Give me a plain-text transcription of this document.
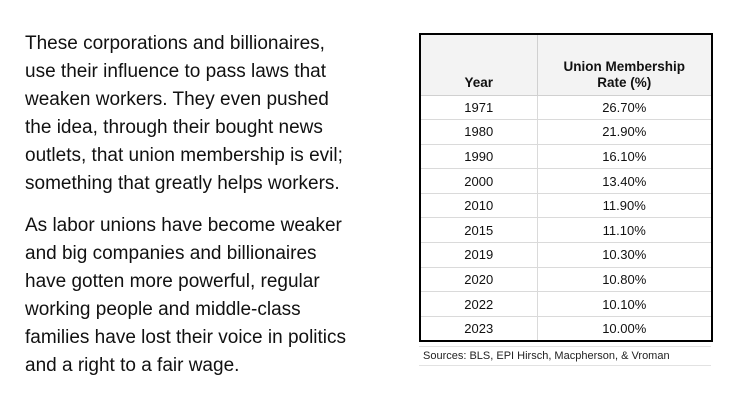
These corporations and billionaires,
use their influence to pass laws that
weaken workers. They even pushed
the idea, through their bought news
outlets, that union membership is evil;
something that greatly helps workers.

As labor unions have become weaker
and big companies and billionaires
have gotten more powerful, regular
working people and middle-class
families have lost their voice in politics
and a right to a fair wage.

Year	Union Membership
Rate (%)
1971	26.70%
1980	21.90%
1990	16.10%
2000	13.40%
2010	11.90%
2015	11.10%
2019	10.30%
2020	10.80%
2022	10.10%
2023	10.00%
Sources: BLS, EPI Hirsch, Macpherson, & Vroman
